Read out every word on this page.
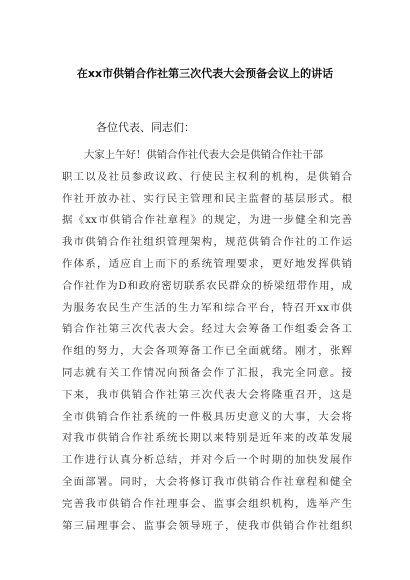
在xx市供销合作社第三次代表大会预备会议上的讲话
各位代表、同志们：
大家上午好！供销合作社代表大会是供销合作社干部
职工以及社员参政议政、行使民主权利的机构，是供销合
作社开放办社、实行民主管理和民主监督的基层形式。根
据《xx市供销合作社章程》的规定，为进一步健全和完善
我市供销合作社组织管理架构，规范供销合作社的工作运
作体系，适应自上而下的系统管理要求，更好地发挥供销
合作社作为D和政府密切联系农民群众的桥梁纽带作用，成
为服务农民生产生活的生力军和综合平台，特召开xx市供
销合作社第三次代表大会。经过大会筹备工作组委会各工
作组的努力，大会各项筹备工作已全面就绪。刚才，张辉
同志就有关工作情况向预备会作了汇报，我完全同意。接
下来，我市供销合作社第三次代表大会将隆重召开，这是
全市供销合作社系统的一件极具历史意义的大事，大会将
对我市供销合作社系统长期以来特别是近年来的改革发展
工作进行认真分析总结，并对今后一个时期的加快发展作
全面部署。同时，大会将修订我市供销合作社章程和健全
完善我市供销合作社理事会、监事会组织机构，选举产生
第三届理事会、监事会领导班子，使我市供销合作社组织
